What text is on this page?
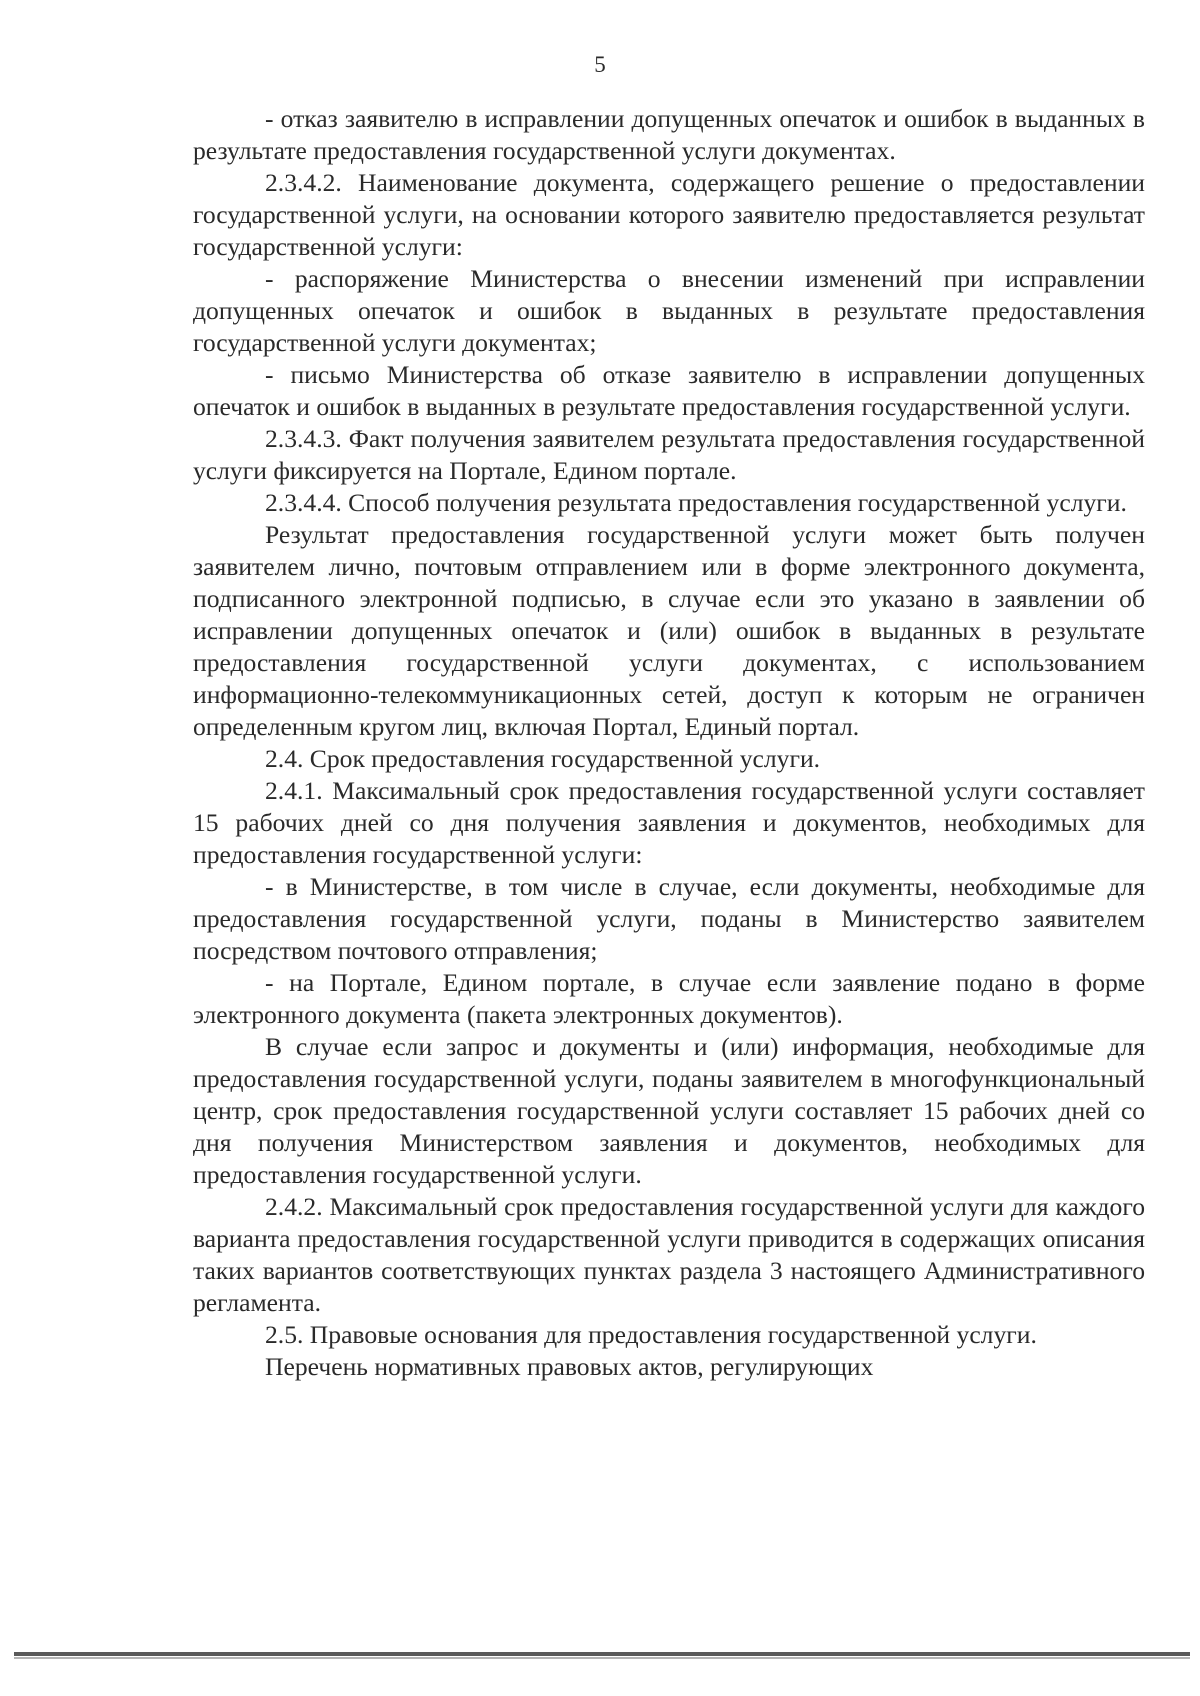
5

- отказ заявителю в исправлении допущенных опечаток и ошибок в выданных в результате предоставления государственной услуги документах.

2.3.4.2. Наименование документа, содержащего решение о предоставлении государственной услуги, на основании которого заявителю предоставляется результат государственной услуги:

- распоряжение Министерства о внесении изменений при исправлении допущенных опечаток и ошибок в выданных в результате предоставления государственной услуги документах;

- письмо Министерства об отказе заявителю в исправлении допущенных опечаток и ошибок в выданных в результате предоставления государственной услуги.

2.3.4.3. Факт получения заявителем результата предоставления государственной услуги фиксируется на Портале, Едином портале.

2.3.4.4. Способ получения результата предоставления государственной услуги.

Результат предоставления государственной услуги может быть получен заявителем лично, почтовым отправлением или в форме электронного документа, подписанного электронной подписью, в случае если это указано в заявлении об исправлении допущенных опечаток и (или) ошибок в выданных в результате предоставления государственной услуги документах, с использованием информационно-телекоммуникационных сетей, доступ к которым не ограничен определенным кругом лиц, включая Портал, Единый портал.

2.4. Срок предоставления государственной услуги.

2.4.1. Максимальный срок предоставления государственной услуги составляет 15 рабочих дней со дня получения заявления и документов, необходимых для предоставления государственной услуги:

- в Министерстве, в том числе в случае, если документы, необходимые для предоставления государственной услуги, поданы в Министерство заявителем посредством почтового отправления;

- на Портале, Едином портале, в случае если заявление подано в форме электронного документа (пакета электронных документов).

В случае если запрос и документы и (или) информация, необходимые для предоставления государственной услуги, поданы заявителем в многофункциональный центр, срок предоставления государственной услуги составляет 15 рабочих дней со дня получения Министерством заявления и документов, необходимых для предоставления государственной услуги.

2.4.2. Максимальный срок предоставления государственной услуги для каждого варианта предоставления государственной услуги приводится в содержащих описания таких вариантов соответствующих пунктах раздела 3 настоящего Административного регламента.

2.5. Правовые основания для предоставления государственной услуги.

Перечень нормативных правовых актов, регулирующих
